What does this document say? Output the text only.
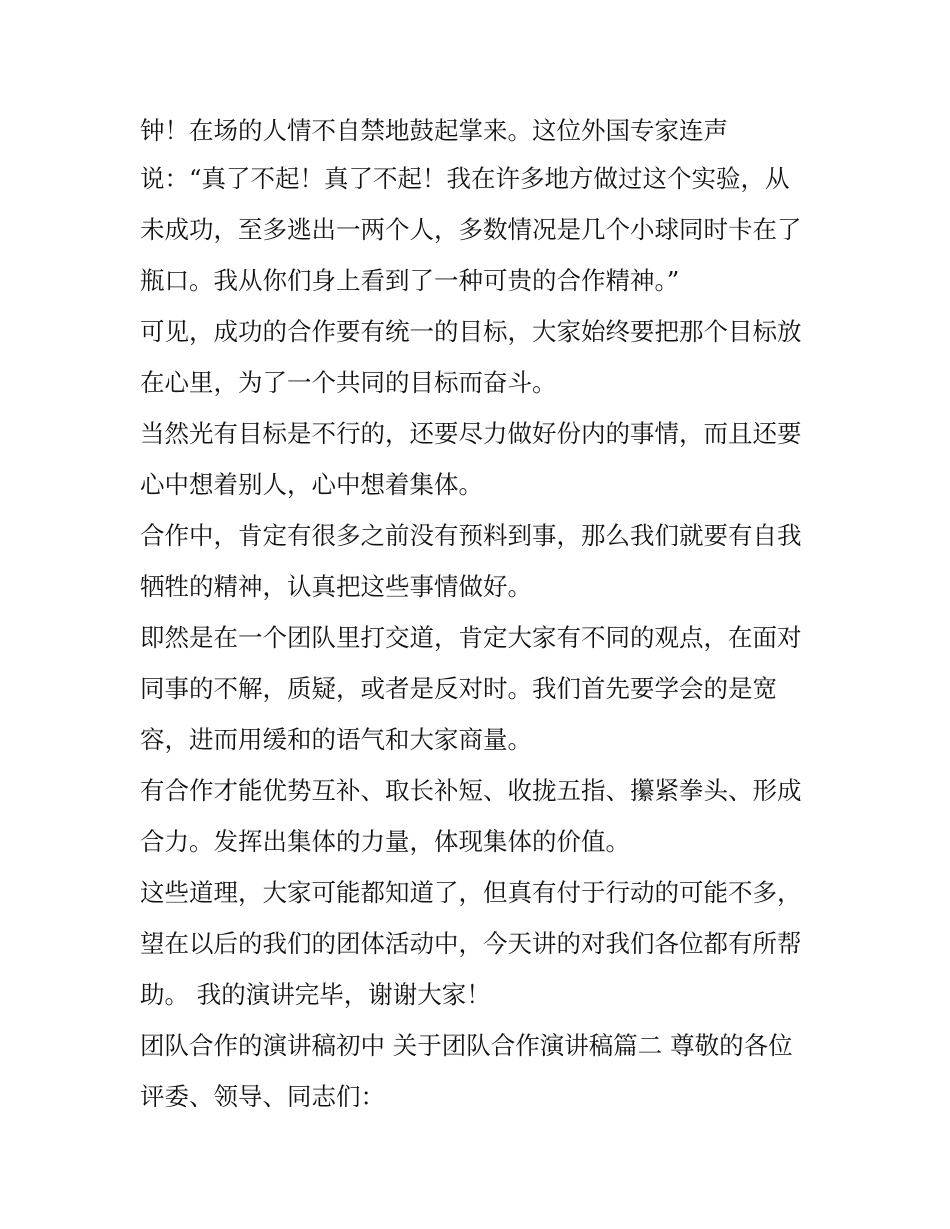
钟！在场的人情不自禁地鼓起掌来。这位外国专家连声
说：“真了不起！真了不起！我在许多地方做过这个实验，从
未成功，至多逃出一两个人，多数情况是几个小球同时卡在了
瓶口。我从你们身上看到了一种可贵的合作精神。”
可见，成功的合作要有统一的目标，大家始终要把那个目标放
在心里，为了一个共同的目标而奋斗。
当然光有目标是不行的，还要尽力做好份内的事情，而且还要
心中想着别人，心中想着集体。
合作中，肯定有很多之前没有预料到事，那么我们就要有自我
牺牲的精神，认真把这些事情做好。
即然是在一个团队里打交道，肯定大家有不同的观点，在面对
同事的不解，质疑，或者是反对时。我们首先要学会的是宽
容，进而用缓和的语气和大家商量。
有合作才能优势互补、取长补短、收拢五指、攥紧拳头、形成
合力。发挥出集体的力量，体现集体的价值。
这些道理，大家可能都知道了，但真有付于行动的可能不多，
望在以后的我们的团体活动中，今天讲的对我们各位都有所帮
助。 我的演讲完毕，谢谢大家！
团队合作的演讲稿初中 关于团队合作演讲稿篇二 尊敬的各位
评委、领导、同志们：
